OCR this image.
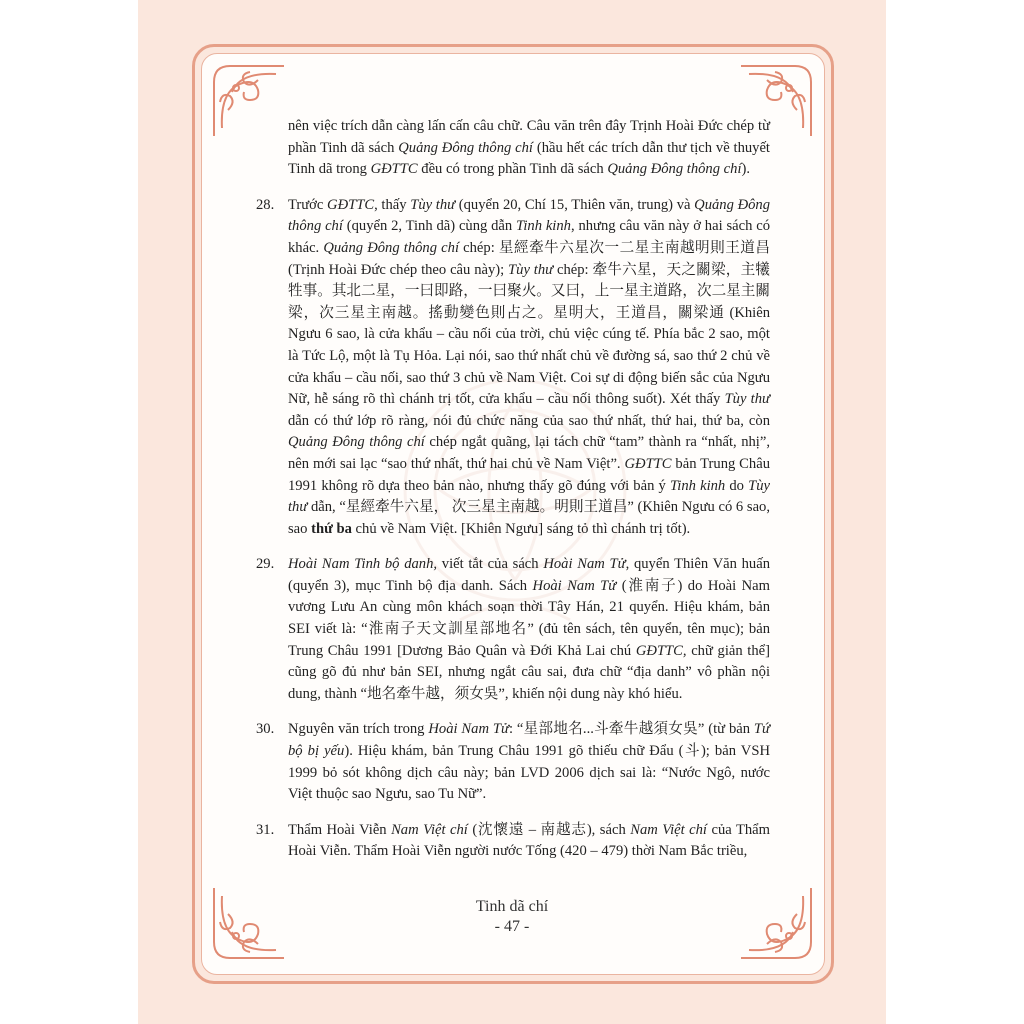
nên việc trích dẫn càng lấn cấn câu chữ. Câu văn trên đây Trịnh Hoài Đức chép từ phần Tinh dã sách Quảng Đông thông chí (hầu hết các trích dẫn thư tịch về thuyết Tinh dã trong GĐTTC đều có trong phần Tinh dã sách Quảng Đông thông chí).

28. Trước GĐTTC, thấy Tùy thư (quyển 20, Chí 15, Thiên văn, trung) và Quảng Đông thông chí (quyển 2, Tinh dã) cùng dẫn Tinh kinh, nhưng câu văn này ở hai sách có khác. Quảng Đông thông chí chép: 星經牽牛六星次一二星主南越明則王道昌 (Trịnh Hoài Đức chép theo câu này); Tùy thư chép: 牽牛六星，天之關梁，主犧牲事。其北二星，一曰即路，一曰聚火。又曰，上一星主道路，次二星主關梁，次三星主南越。搖動變色則占之。星明大，王道昌，關梁通 (Khiên Ngưu 6 sao, là cửa khẩu – cầu nối của trời, chủ việc cúng tế. Phía bắc 2 sao, một là Tức Lộ, một là Tụ Hỏa. Lại nói, sao thứ nhất chủ về đường sá, sao thứ 2 chủ về cửa khẩu – cầu nối, sao thứ 3 chủ về Nam Việt. Coi sự di động biến sắc của Ngưu Nữ, hễ sáng rõ thì chánh trị tốt, cửa khẩu – cầu nối thông suốt). Xét thấy Tùy thư dẫn có thứ lớp rõ ràng, nói đủ chức năng của sao thứ nhất, thứ hai, thứ ba, còn Quảng Đông thông chí chép ngắt quãng, lại tách chữ “tam” thành ra “nhất, nhị”, nên mới sai lạc “sao thứ nhất, thứ hai chủ về Nam Việt”. GĐTTC bản Trung Châu 1991 không rõ dựa theo bản nào, nhưng thấy gõ đúng với bản ý Tinh kinh do Tùy thư dẫn, “星經牽牛六星， 次三星主南越。明則王道昌” (Khiên Ngưu có 6 sao, sao thứ ba chủ về Nam Việt. [Khiên Ngưu] sáng tỏ thì chánh trị tốt).

29. Hoài Nam Tinh bộ danh, viết tắt của sách Hoài Nam Tử, quyển Thiên Văn huấn (quyển 3), mục Tinh bộ địa danh. Sách Hoài Nam Tử (淮南子) do Hoài Nam vương Lưu An cùng môn khách soạn thời Tây Hán, 21 quyển. Hiệu khám, bản SEI viết là: “淮南子天文訓星部地名” (đủ tên sách, tên quyển, tên mục); bản Trung Châu 1991 [Dương Bảo Quân và Đới Khả Lai chú GĐTTC, chữ giản thể] cũng gõ đủ như bản SEI, nhưng ngắt câu sai, đưa chữ “địa danh” vô phần nội dung, thành “地名牽牛越，须女吳”, khiến nội dung này khó hiểu.

30. Nguyên văn trích trong Hoài Nam Tử: “星部地名...斗牽牛越須女吳” (từ bản Tứ bộ bị yếu). Hiệu khám, bản Trung Châu 1991 gõ thiếu chữ Đẩu (斗); bản VSH 1999 bỏ sót không dịch câu này; bản LVD 2006 dịch sai là: “Nước Ngô, nước Việt thuộc sao Ngưu, sao Tu Nữ”.

31. Thẩm Hoài Viễn Nam Việt chí (沈懷遠 – 南越志), sách Nam Việt chí của Thẩm Hoài Viễn. Thẩm Hoài Viễn người nước Tống (420 – 479) thời Nam Bắc triều,

Tinh dã chí
- 47 -
